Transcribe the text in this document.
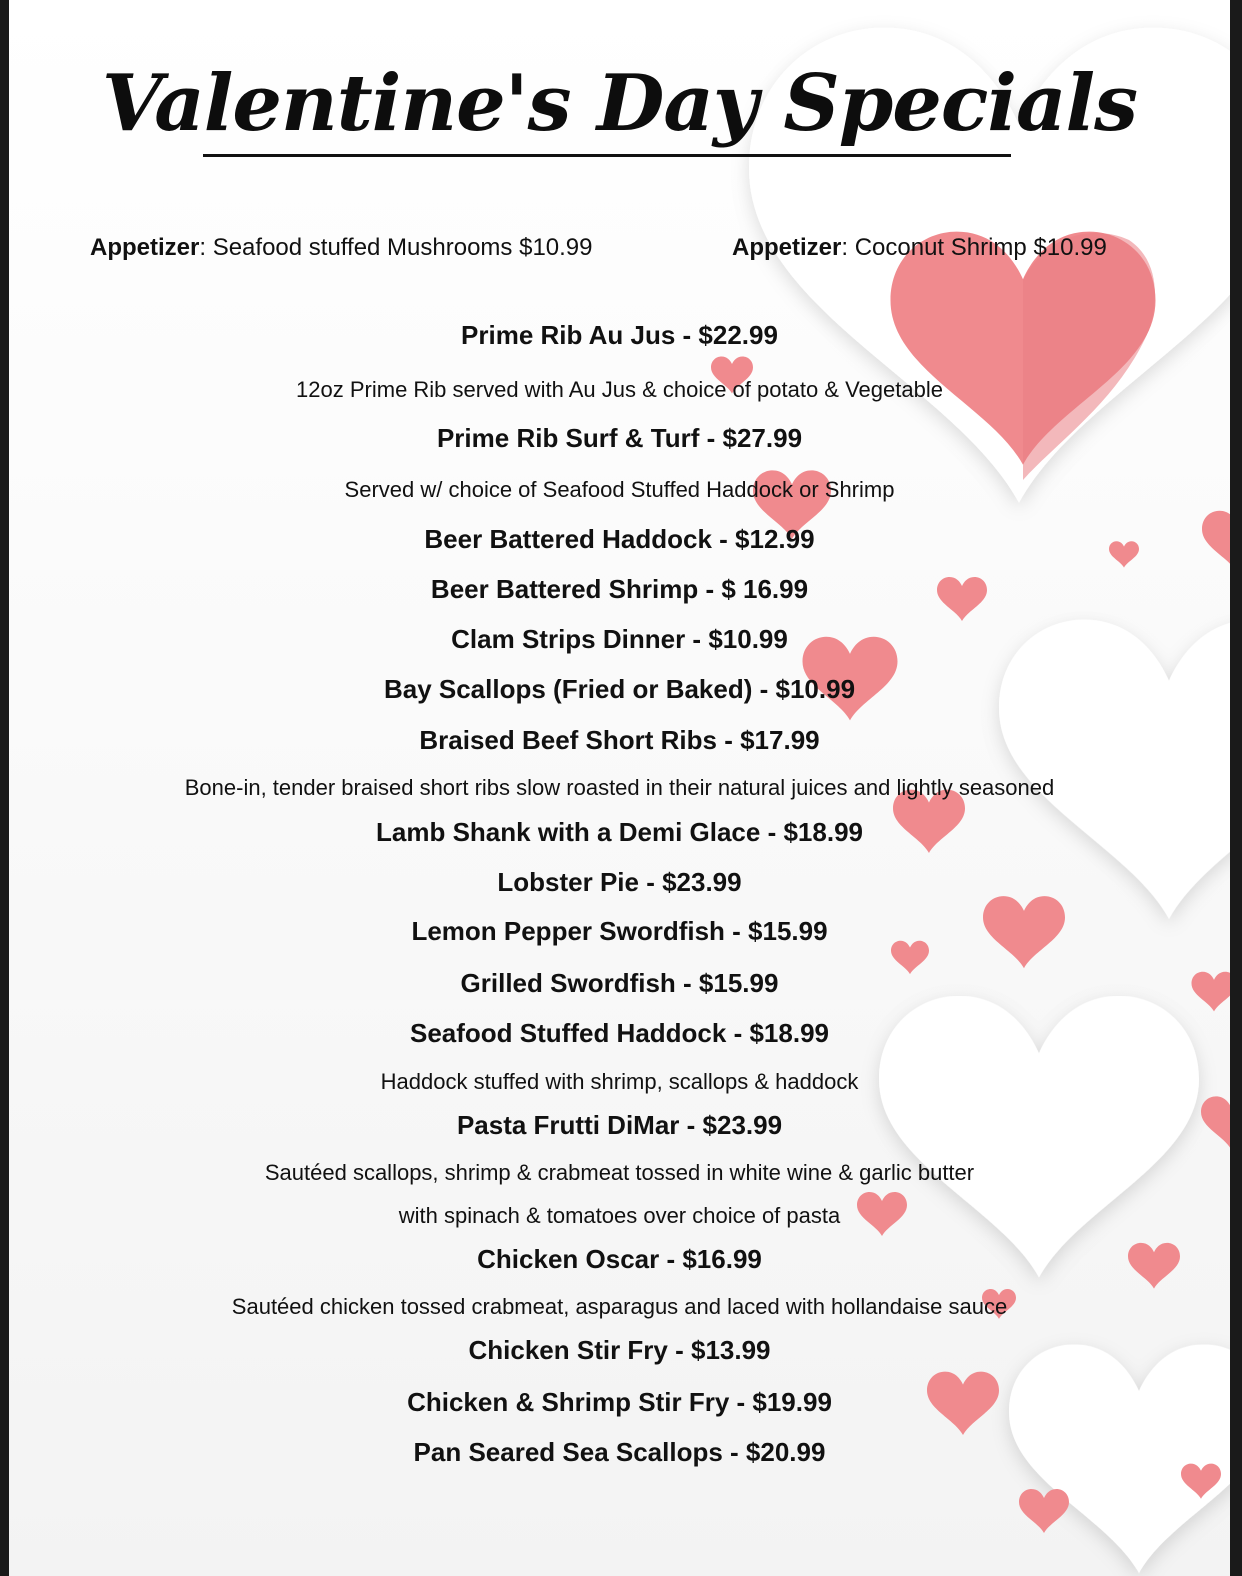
Valentine's Day Specials
Appetizer: Seafood stuffed Mushrooms $10.99	Appetizer: Coconut Shrimp $10.99
Prime Rib Au Jus - $22.99
12oz Prime Rib served with Au Jus & choice of potato & Vegetable
Prime Rib Surf & Turf - $27.99
Served w/ choice of Seafood Stuffed Haddock or Shrimp
Beer Battered Haddock - $12.99
Beer Battered Shrimp - $ 16.99
Clam Strips Dinner - $10.99
Bay Scallops (Fried or Baked) - $10.99
Braised Beef Short Ribs - $17.99
Bone-in, tender braised short ribs slow roasted in their natural juices and lightly seasoned
Lamb Shank with a Demi Glace - $18.99
Lobster Pie - $23.99
Lemon Pepper Swordfish - $15.99
Grilled Swordfish - $15.99
Seafood Stuffed Haddock - $18.99
Haddock stuffed with shrimp, scallops & haddock
Pasta Frutti DiMar - $23.99
Sautéed scallops, shrimp & crabmeat tossed in white wine & garlic butter
with spinach & tomatoes over choice of pasta
Chicken Oscar - $16.99
Sautéed chicken tossed crabmeat, asparagus and laced with hollandaise sauce
Chicken Stir Fry - $13.99
Chicken & Shrimp Stir Fry - $19.99
Pan Seared Sea Scallops - $20.99
